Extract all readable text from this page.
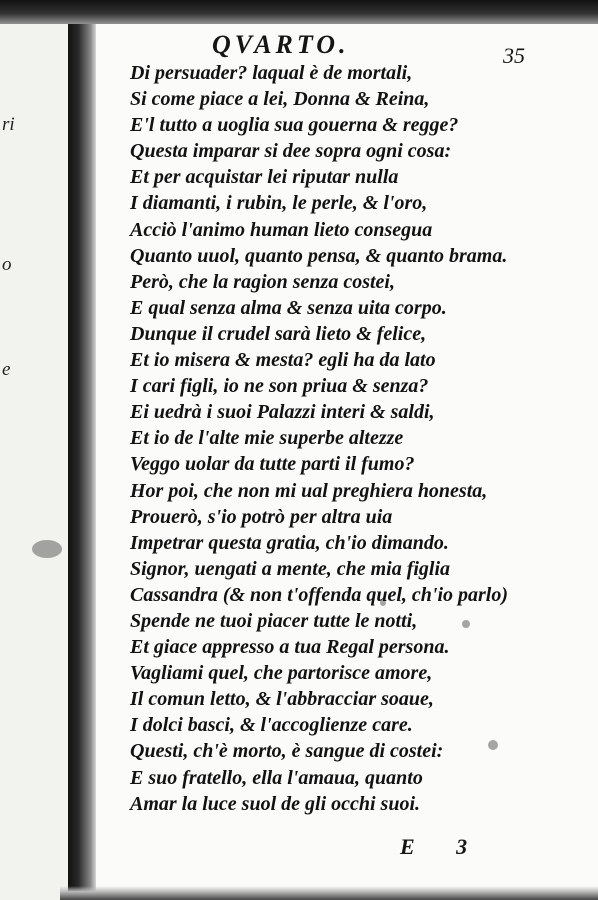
ri
o
e
QVARTO.	35
Di persuader? laqual è de mortali,
Si come piace a lei, Donna & Reina,
E'l tutto a uoglia sua gouerna & regge?
Questa imparar si dee sopra ogni cosa:
Et per acquistar lei riputar nulla
I diamanti, i rubin, le perle, & l'oro,
Acciò l'animo human lieto consegua
Quanto uuol, quanto pensa, & quanto brama.
Però, che la ragion senza costei,
E qual senza alma & senza uita corpo.
Dunque il crudel sarà lieto & felice,
Et io misera & mesta? egli ha da lato
I cari figli, io ne son priua & senza?
Ei uedrà i suoi Palazzi interi & saldi,
Et io de l'alte mie superbe altezze
Veggo uolar da tutte parti il fumo?
Hor poi, che non mi ual preghiera honesta,
Prouerò, s'io potrò per altra uia
Impetrar questa gratia, ch'io dimando.
Signor, uengati a mente, che mia figlia
Cassandra (& non t'offenda quel, ch'io parlo)
Spende ne tuoi piacer tutte le notti,
Et giace appresso a tua Regal persona.
Vagliami quel, che partorisce amore,
Il comun letto, & l'abbracciar soaue,
I dolci basci, & l'accoglienze care.
Questi, ch'è morto, è sangue di costei:
E suo fratello, ella l'amaua, quanto
Amar la luce suol de gli occhi suoi.
E 3
